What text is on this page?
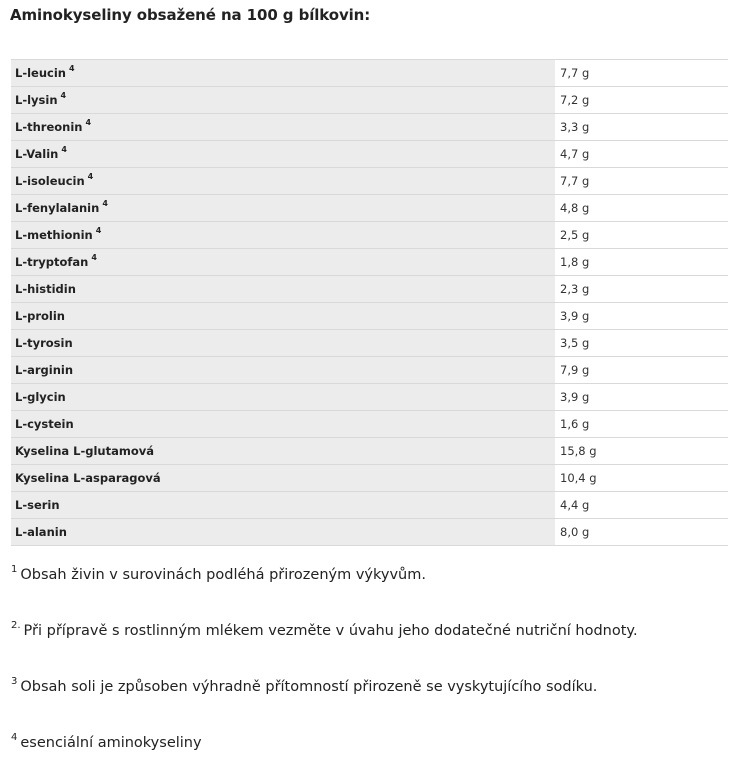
Aminokyseliny obsažené na 100 g bílkovin:
L-leucin $^4$	7,7 g
L-lysin $^4$	7,2 g
L-threonin $^4$	3,3 g
L-Valin $^4$	4,7 g
L-isoleucin $^4$	7,7 g
L-fenylalanin $^4$	4,8 g
L-methionin $^4$	2,5 g
L-tryptofan $^4$	1,8 g
L-histidin	2,3 g
L-prolin	3,9 g
L-tyrosin	3,5 g
L-arginin	7,9 g
L-glycin	3,9 g
L-cystein	1,6 g
Kyselina L-glutamová	15,8 g
Kyselina L-asparagová	10,4 g
L-serin	4,4 g
L-alanin	8,0 g

$^1$ Obsah živin v surovinách podléhá přirozeným výkyvům.

$^{2.}$ Při přípravě s rostlinným mlékem vezměte v úvahu jeho dodatečné nutriční hodnoty.

$^3$ Obsah soli je způsoben výhradně přítomností přirozeně se vyskytujícího sodíku.

$^4$ esenciální aminokyseliny
